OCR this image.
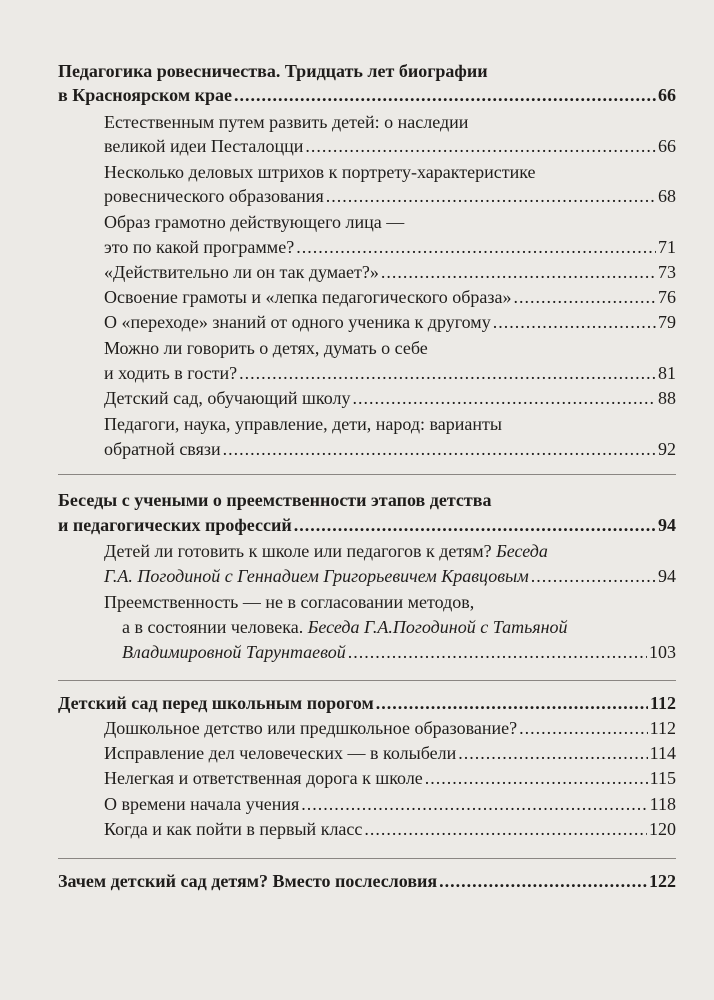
Педагогика ровесничества. Тридцать лет биографии
в Красноярском крае .....	66
Естественным путем развить детей: о наследии
великой идеи Песталоцци .....	66
Несколько деловых штрихов к портрету-характеристике
ровеснического образования .....	68
Образ грамотно действующего лица —
это по какой программе? .....	71
«Действительно ли он так думает?» .....	73
Освоение грамоты и «лепка педагогического образа» .....	76
О «переходе» знаний от одного ученика к другому .....	79
Можно ли говорить о детях, думать о себе
и ходить в гости? .....	81
Детский сад, обучающий школу .....	88
Педагоги, наука, управление, дети, народ: варианты
обратной связи .....	92
Беседы с учеными о преемственности этапов детства
и педагогических профессий .....	94
Детей ли готовить к школе или педагогов к детям? Беседа
Г.А. Погодиной с Геннадием Григорьевичем Кравцовым .....	94
Преемственность — не в согласовании методов,
а в состоянии человека. Беседа Г.А.Погодиной с Татьяной
Владимировной Тарунтаевой .....	103
Детский сад перед школьным порогом .....	112
Дошкольное детство или предшкольное образование? .....	112
Исправление дел человеческих — в колыбели .....	114
Нелегкая и ответственная дорога к школе .....	115
О времени начала учения .....	118
Когда и как пойти в первый класс .....	120
Зачем детский сад детям? Вместо послесловия .....	122
